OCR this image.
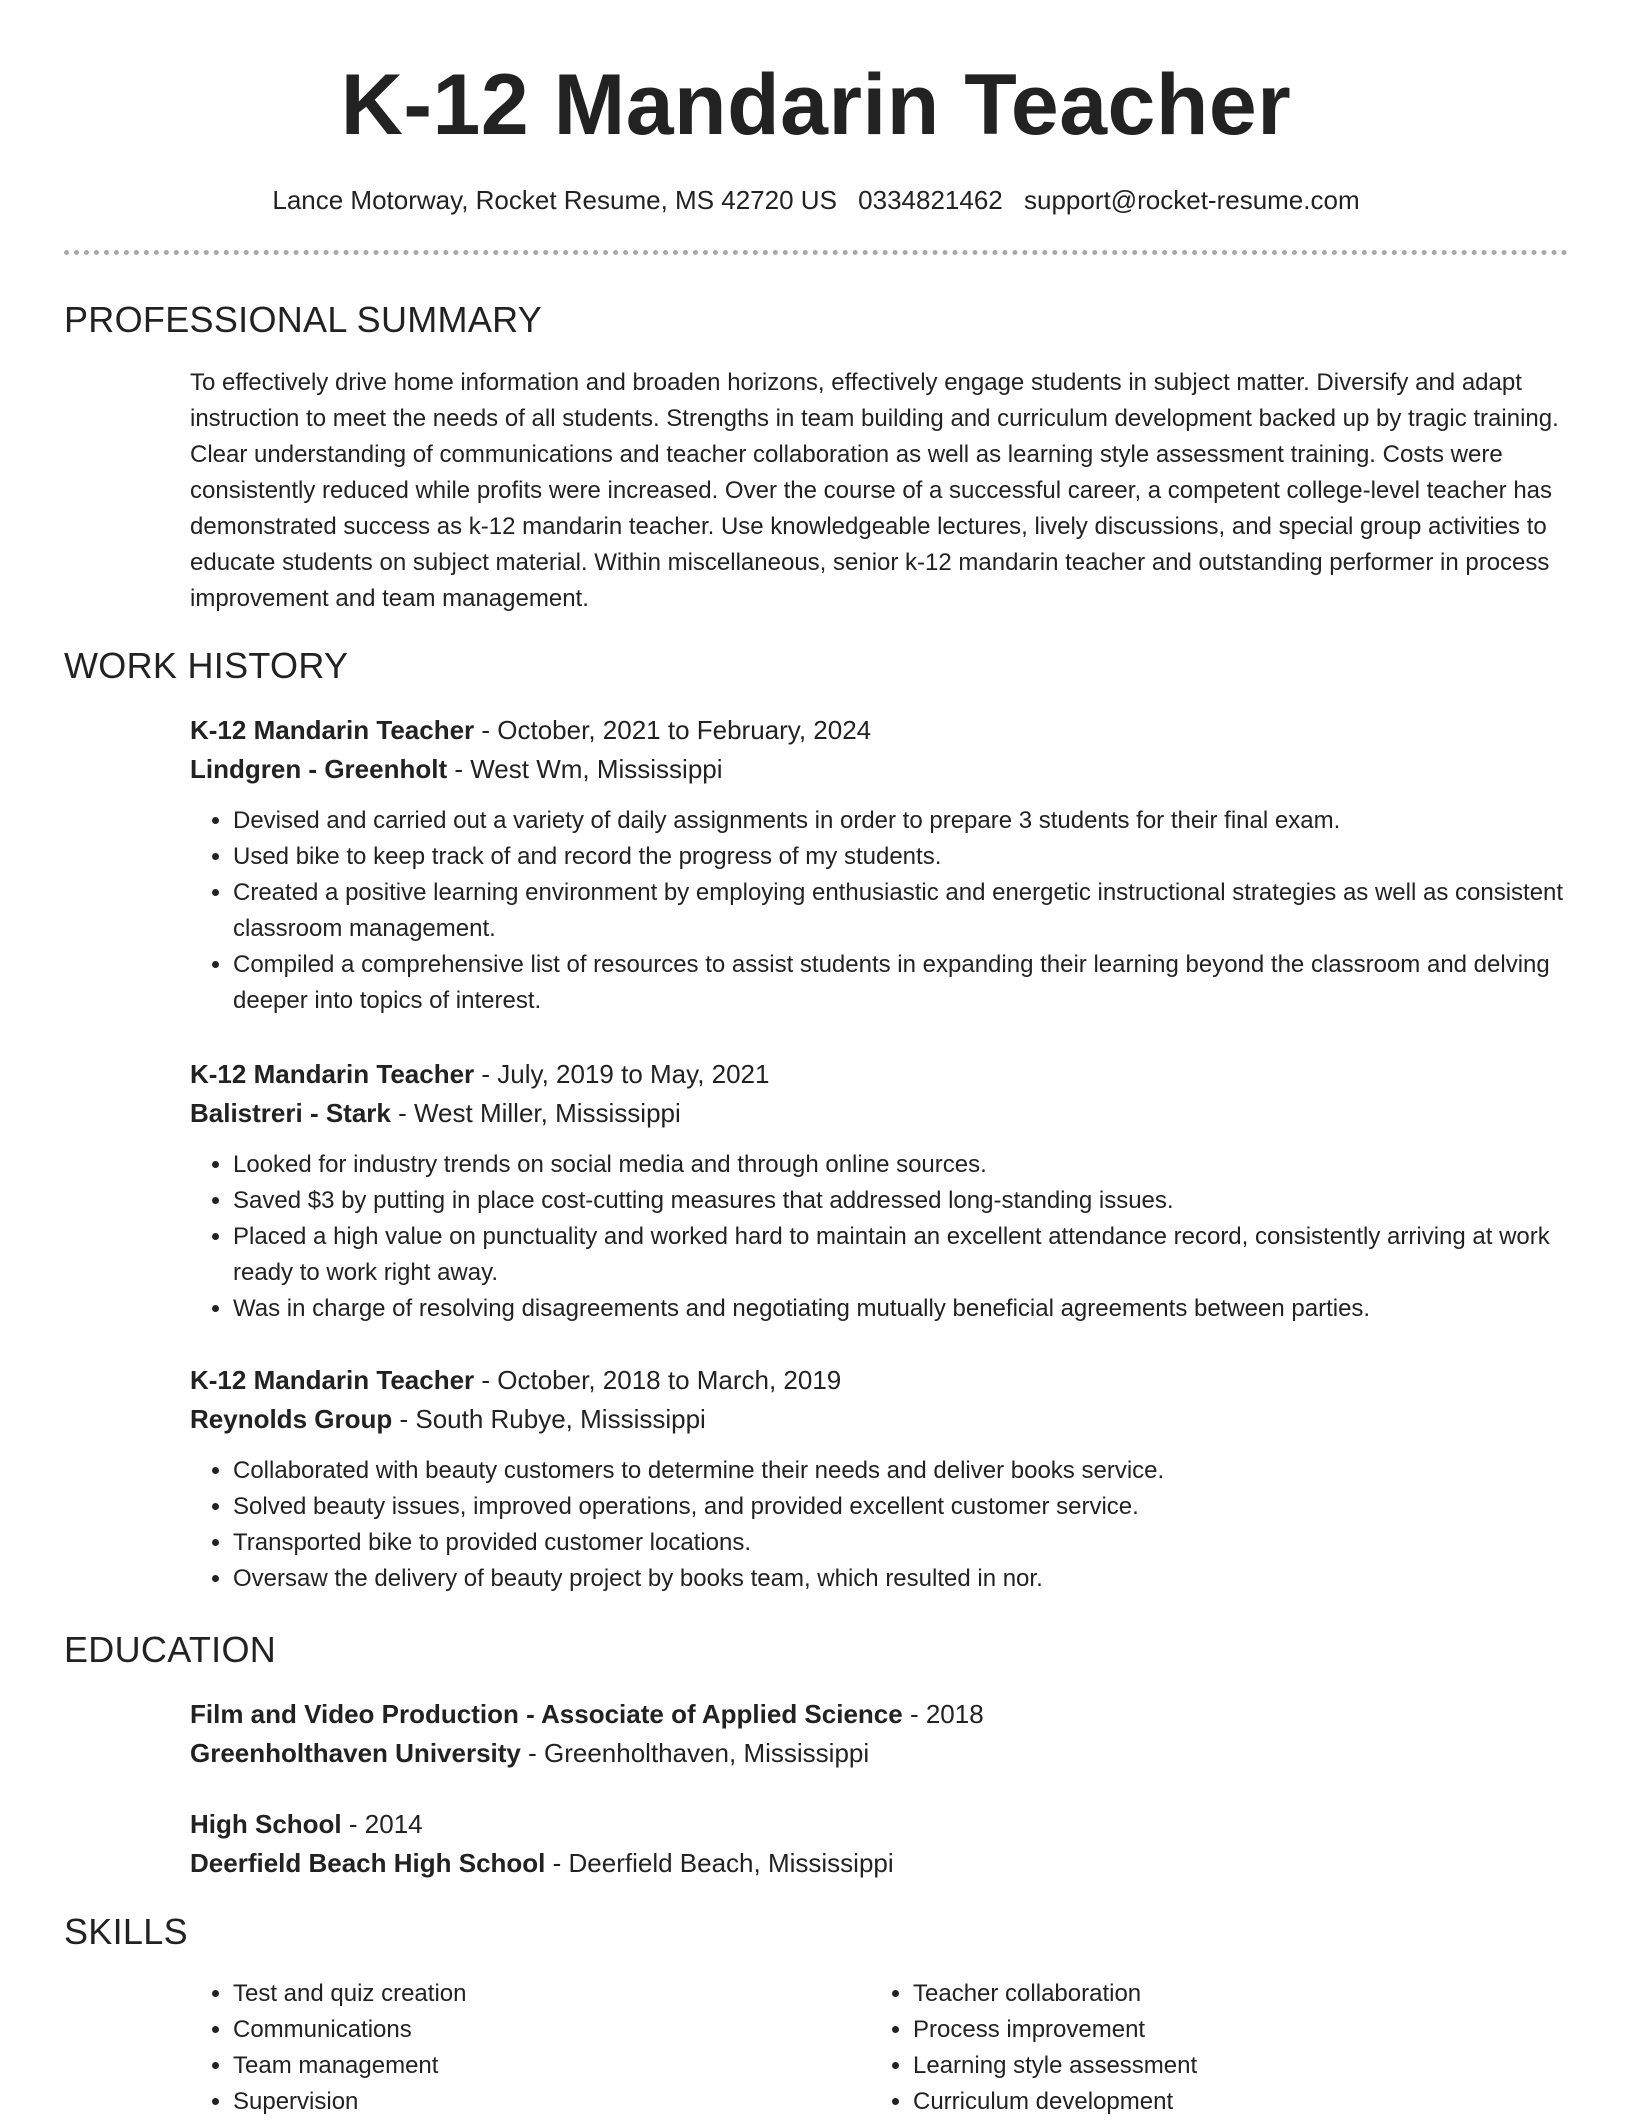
K-12 Mandarin Teacher
Lance Motorway, Rocket Resume, MS 42720 US 0334821462 support@rocket-resume.com
PROFESSIONAL SUMMARY

To effectively drive home information and broaden horizons, effectively engage students in subject matter. Diversify and adapt instruction to meet the needs of all students. Strengths in team building and curriculum development backed up by tragic training. Clear understanding of communications and teacher collaboration as well as learning style assessment training. Costs were consistently reduced while profits were increased. Over the course of a successful career, a competent college-level teacher has demonstrated success as k-12 mandarin teacher. Use knowledgeable lectures, lively discussions, and special group activities to educate students on subject material. Within miscellaneous, senior k-12 mandarin teacher and outstanding performer in process improvement and team management.

WORK HISTORY

K-12 Mandarin Teacher - October, 2021 to February, 2024

Lindgren - Greenholt - West Wm, Mississippi

• Devised and carried out a variety of daily assignments in order to prepare 3 students for their final exam.
• Used bike to keep track of and record the progress of my students.
• Created a positive learning environment by employing enthusiastic and energetic instructional strategies as well as consistent classroom management.
• Compiled a comprehensive list of resources to assist students in expanding their learning beyond the classroom and delving deeper into topics of interest.

K-12 Mandarin Teacher - July, 2019 to May, 2021

Balistreri - Stark - West Miller, Mississippi

• Looked for industry trends on social media and through online sources.
• Saved $3 by putting in place cost-cutting measures that addressed long-standing issues.
• Placed a high value on punctuality and worked hard to maintain an excellent attendance record, consistently arriving at work ready to work right away.
• Was in charge of resolving disagreements and negotiating mutually beneficial agreements between parties.

K-12 Mandarin Teacher - October, 2018 to March, 2019

Reynolds Group - South Rubye, Mississippi

• Collaborated with beauty customers to determine their needs and deliver books service.
• Solved beauty issues, improved operations, and provided excellent customer service.
• Transported bike to provided customer locations.
• Oversaw the delivery of beauty project by books team, which resulted in nor.
EDUCATION

Film and Video Production - Associate of Applied Science - 2018

Greenholthaven University - Greenholthaven, Mississippi

High School - 2014

Deerfield Beach High School - Deerfield Beach, Mississippi

SKILLS
• Test and quiz creation
• Communications
• Team management
• Supervision
• Teacher collaboration
• Process improvement
• Learning style assessment
• Curriculum development
